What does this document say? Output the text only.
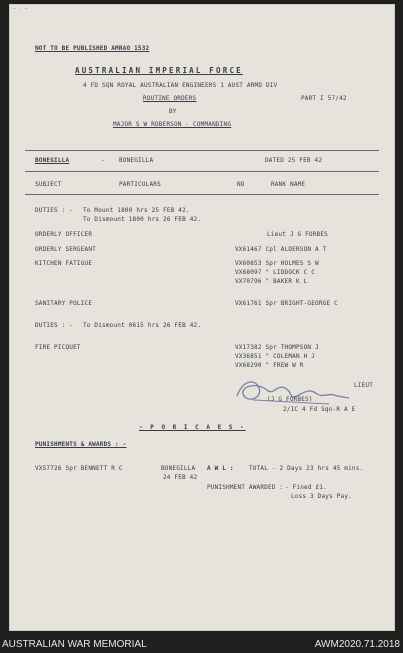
— . —
NOT TO BE PUBLISHED AMRAO 1532
AUSTRALIAN IMPERIAL FORCE
4 FD SQN ROYAL AUSTRALIAN ENGINEERS 1 AUST ARMD DIV
ROUTINE ORDERS	PART I 57/42
BY
MAJOR S W ROBERSON - COMMANDING
BONEGILLA	- BONEGILLA	DATED 25 FEB 42
SUBJECT	PARTICULARS	NO	RANK NAME
DUTIES : - To Mount 1800 hrs 25 FEB 42.
To Dismount 1800 hrs 26 FEB 42.
ORDERLY OFFICER	Lieut J G FORBES
ORDERLY SERGEANT	VX61467 Cpl ALDERSON A T
KITCHEN FATIGUE	VX60853 Spr HOLMES S W
VX68097 " LIDDOCK C C
VX70796 " BAKER K L
SANITARY POLICE	VX61761 Spr BRIGHT-GEORGE C
DUTIES : - To Dismount 0615 hrs 26 FEB 42.
FIRE PICQUET	VX17382 Spr THOMPSON J
VX36851 " COLEMAN H J
VX68290 " FREW W R
LIEUT
(J G FORBES)
2/IC 4 Fd Sqn-R A E
- P O R I C A E S -
PUNISHMENTS & AWARDS : -
VX57726 Spr BENNETT R C	BONEGILLA
24 FEB 42
A W L :	TOTAL - 2 Days 23 hrs 45 mins.
PUNISHMENT AWARDED : - Fined £1.
Loss 3 Days Pay.
AUSTRALIAN WAR MEMORIAL	AWM2020.71.2018
